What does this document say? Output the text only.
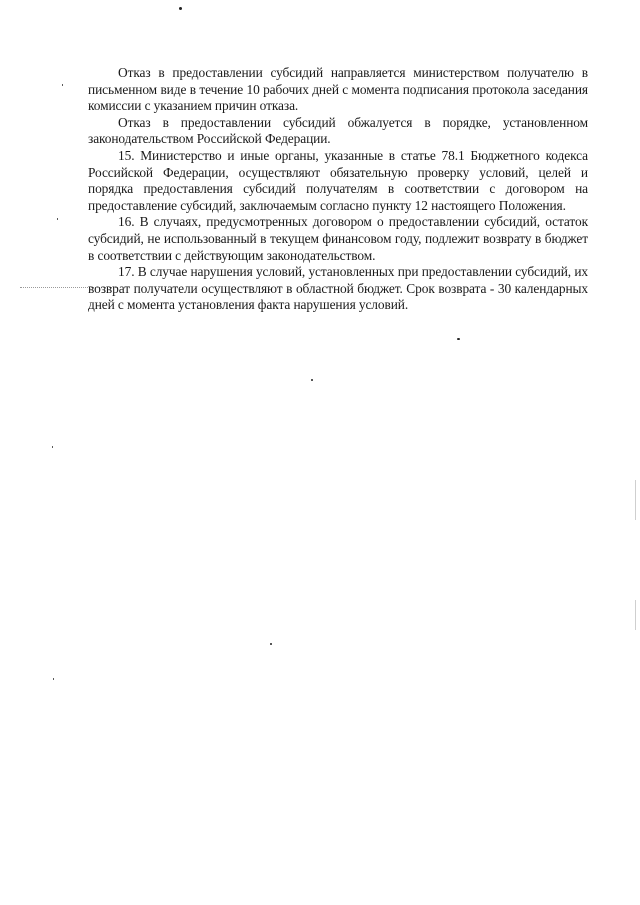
Отказ в предоставлении субсидий направляется министерством получателю в письменном виде в течение 10 рабочих дней с момента подписания протокола заседания комиссии с указанием причин отказа.

Отказ в предоставлении субсидий обжалуется в порядке, установленном законодательством Российской Федерации.

15. Министерство и иные органы, указанные в статье 78.1 Бюджетного кодекса Российской Федерации, осуществляют обязательную проверку условий, целей и порядка предоставления субсидий получателям в соответствии с договором на предоставление субсидий, заключаемым согласно пункту 12 настоящего Положения.

16. В случаях, предусмотренных договором о предоставлении субсидий, остаток субсидий, не использованный в текущем финансовом году, подлежит возврату в бюджет в соответствии с действующим законодательством.

17. В случае нарушения условий, установленных при предоставлении субсидий, их возврат получатели осуществляют в областной бюджет. Срок возврата - 30 календарных дней с момента установления факта нарушения условий.
